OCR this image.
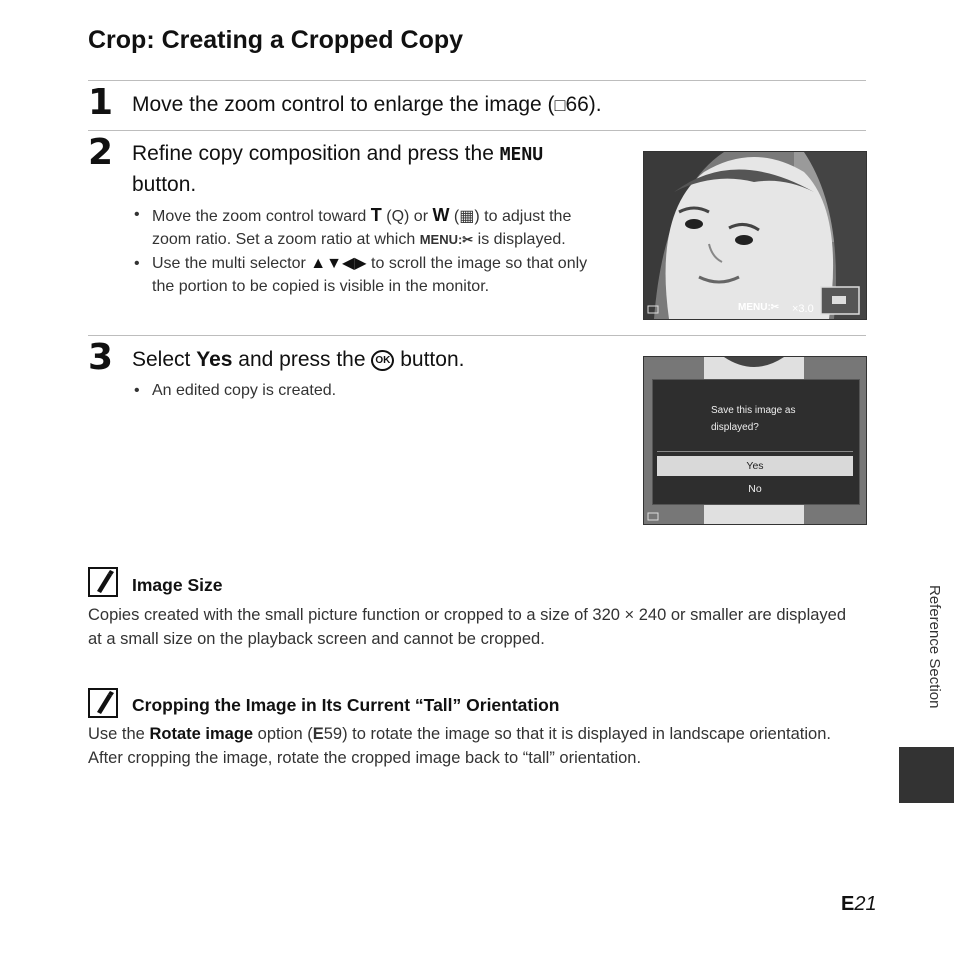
Crop: Creating a Cropped Copy
1 Move the zoom control to enlarge the image (□66).
2 Refine copy composition and press the MENU button.
• Move the zoom control toward T (Q) or W (▦) to adjust the zoom ratio. Set a zoom ratio at which MENU:✂ is displayed.
• Use the multi selector ▲▼◀▶ to scroll the image so that only the portion to be copied is visible in the monitor.
MENU:✂ ×3.0
3 Select Yes and press the OK button.
• An edited copy is created.
Save this image as
displayed?
Yes
No
Image Size
Copies created with the small picture function or cropped to a size of 320 × 240 or smaller are displayed at a small size on the playback screen and cannot be cropped.
Cropping the Image in Its Current “Tall” Orientation
Use the Rotate image option (E59) to rotate the image so that it is displayed in landscape orientation. After cropping the image, rotate the cropped image back to “tall” orientation.
Reference Section
E21
